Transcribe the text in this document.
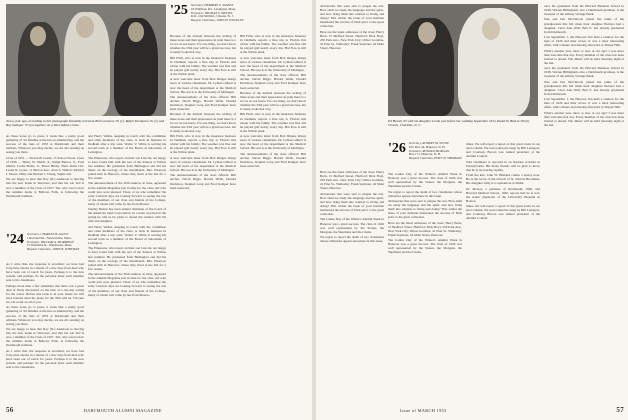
Just a year ago, according to this photograph belatedly received, Boris Lenosse '01 (c), Ralph Thompson '01 (r) and Roy Salinger '37 got together on a West Indian cruise.

As these notes go to press, it looks like a pretty good gathering of '24 families at the Inn on Alumni Day, and the success of the inns of 1953 at Dartmouth and their editions. Whatever you may decide, we are all counting on seeing you there.

Class of 1955 — Steven B. Leslie, 15 School Street. Class of 1956 — Henry W. Welch, Jr., Ralph Burton, Jr., Fred Martin, Leslie Bodle, Jr., Bruce Bixby. Theta Delta Chi: Lester R. Lyons, 11 Burton Ave.; Alan S. Walton; Richard J. Moore. Haity and Herbert J. Young, Sigma Chi.

We are happy to hear that Roy (N.) Anderson is moving into his new home in Westover, and that his son Ted is now a member of the Class of 1957. Ted, who was born in the summer home at Bellows Falls, is following the Dartmouth tradition.

'24 Secretary, CHARLES H. ALLEN
1 Ravenel Rd., Newtonville, Mass.
Treasurer, WILLIAM A. MORRISON
15 Westfield St., Winchester, Mass.
Bequest Chairman, JOHN B. WHITMAN

As I write this, the response is excellent: we have had forty-nine checks in a matter of a few days from men who have been out of touch for years. Perhaps it is the new system, and perhaps it's the personal letter each member sent to his classmates.

Perhaps more than a few remember that there was a great deal of lively discussion on the idea of a one-day outing for the wives. Before this issue is in your hands we will have learned what the plans for the 35th will be. I'm sure we can count on all of you.

As these notes go to press, it looks like a pretty good gathering of '24 families at the Inn on Alumni Day, and the success of the inns of 1953 at Dartmouth and their editions. Whatever you may decide, we are all counting on seeing you there.

We are happy to hear that Roy (N.) Anderson is moving into his new home in Westover, and that his son Ted is now a member of the Class of 1957. Ted, who was born in the summer home at Bellows Falls, is following the Dartmouth tradition.

As I write this, the response is excellent: we have had forty-nine checks in a matter of a few days from men who have been out of touch for years. Perhaps it is the new system, and perhaps it's the personal letter each member sent to his classmates.

and Harry Welles, keeping in touch with the committee and other members of the class, is back in business in Dedham after a trip west. Walter V. White is serving his second term as a member of the Board of Selectmen of Lexington.

The Emersons, who report on their son Lincoln, are happy to have found him with the rest of the Jenners at Wilton last summer. He graduated from Burlington and did his thesis on the ecology of the marshlands. Mrs. Emerson joined him in Hanover, where they lived at the Inn for a few weeks.

The announcement of the 30th reunion, in June, appeared in the Alumni Magazine just in time for the class. All who could join were pleased. Those of us who remember the early Carnival days are looking forward to seeing the rest of the members of our class and friends of the College, many of whom will come by bus from Boston.

Stanley Hazen has been named chairman of the board of the American Steel Corporation. In a letter received in the spring he told us he plans to attend the reunion with his wife and daughter.

and Harry Welles, keeping in touch with the committee and other members of the class, is back in business in Dedham after a trip west. Walter V. White is serving his second term as a member of the Board of Selectmen of Lexington.

The Emersons, who report on their son Lincoln, are happy to have found him with the rest of the Jenners at Wilton last summer. He graduated from Burlington and did his thesis on the ecology of the marshlands. Mrs. Emerson joined him in Hanover, where they lived at the Inn for a few weeks.

The announcement of the 30th reunion, in June, appeared in the Alumni Magazine just in time for the class. All who could join were pleased. Those of us who remember the early Carnival days are looking forward to seeing the rest of the members of our class and friends of the College, many of whom will come by bus from Boston.

'25 Secretary, HERBERT S. TALBOT
18 Winthrop Rd., Lexington, Mass.
Treasurer, TRUMAN T. METZEL
R.D., Old Mill Rd., Chester, N. J.
Bequest Chairman, JOHN H. WOOLLEY

Because of the turmoil between the writing of these notes and their appearance in print there is a lot we do not know. For one thing, we don't know whether the 25th year will be a grand success, but it surely looks that way.

Bill Fitch, who is now in the insurance business in Dedham, reports a fine trip to Florida this winter with his family. The weather was fine and he played golf nearly every day. Hal Foss is still at the Wilton plant.

A new welcome letter from Bob Dingee brings news of various classmates. Dr. Lyman Gilbert is now the head of the department at the Medical School. His son is at the University of Michigan.

The announcements of the class officers: Bill Archer, David Biggs, Harold Wells, Donald Davidson, Stephen Long and Fred Kemper have been reelected.

Because of the turmoil between the writing of these notes and their appearance in print there is a lot we do not know. For one thing, we don't know whether the 25th year will be a grand success, but it surely looks that way.

Bill Fitch, who is now in the insurance business in Dedham, reports a fine trip to Florida this winter with his family. The weather was fine and he played golf nearly every day. Hal Foss is still at the Wilton plant.

A new welcome letter from Bob Dingee brings news of various classmates. Dr. Lyman Gilbert is now the head of the department at the Medical School. His son is at the University of Michigan.

The announcements of the class officers: Bill Archer, David Biggs, Harold Wells, Donald Davidson, Stephen Long and Fred Kemper have been reelected.

Bill Fitch, who is now in the insurance business in Dedham, reports a fine trip to Florida this winter with his family. The weather was fine and he played golf nearly every day. Hal Foss is still at the Wilton plant.

A new welcome letter from Bob Dingee brings news of various classmates. Dr. Lyman Gilbert is now the head of the department at the Medical School. His son is at the University of Michigan.

The announcements of the class officers: Bill Archer, David Biggs, Harold Wells, Donald Davidson, Stephen Long and Fred Kemper have been reelected.

Because of the turmoil between the writing of these notes and their appearance in print there is a lot we do not know. For one thing, we don't know whether the 25th year will be a grand success, but it surely looks that way.

Bill Fitch, who is now in the insurance business in Dedham, reports a fine trip to Florida this winter with his family. The weather was fine and he played golf nearly every day. Hal Foss is still at the Wilton plant.

A new welcome letter from Bob Dingee brings news of various classmates. Dr. Lyman Gilbert is now the head of the department at the Medical School. His son is at the University of Michigan.

The announcements of the class officers: Bill Archer, David Biggs, Harold Wells, Donald Davidson, Stephen Long and Fred Kemper have been reelected.

56	DARTMOUTH ALUMNI MAGAZINE

dictionaries that were sent to plague the rest. How shall we study the language and the spirit, and how bring them into relation to living and doing? This winter the issue of your institute mentioned the success of Dick prior to the great collection.

Here are the latest addresses of the class: Harry Beck, 15 Bedford Street, Hartford; Dick Hoyt, 250 Park Ave., New York City; Oliver Gorsline, 41 Pine St., Wellesley; Frank Seymour, 42 Main Street, Hanover.

Ed Hewitt '25 with his daughter Leslie just before her wedding September 18 to David W. Bird at Trinity Church, Charlotte, N. C.
'26 Secretary, ROBERT M. STONE
P.O. Box 44, Hanover, N. H.
Treasurer, RONALD MORGAN
Box 171, Hanover, N. H.
Bequest Chairman, HOYT W. SHERMAN

Here are the latest addresses of the class: Harry Beck, 15 Bedford Street, Hartford; Dick Hoyt, 250 Park Ave., New York City; Oliver Gorsline, 41 Pine St., Wellesley; Frank Seymour, 42 Main Street, Hanover.

dictionaries that were sent to plague the rest. How shall we study the language and the spirit, and how bring them into relation to living and doing? This winter the issue of your institute mentioned the success of Dick prior to the great collection.

The Ladies Day of the Winter's Alumni Week in Hanover was a great success. The class of 1926 was well represented by the Stones, the Morgans, the Shermans and the Clarks.

We regret to report the death of two classmates whose obituaries appear elsewhere in this issue.

The Ladies Day of the Winter's Alumni Week in Hanover was a great success. The class of 1926 was well represented by the Stones, the Morgans, the Shermans and the Clarks.

We regret to report the death of two classmates whose obituaries appear elsewhere in this issue.

dictionaries that were sent to plague the rest. How shall we study the language and the spirit, and how bring them into relation to living and doing? This winter the issue of your institute mentioned the success of Dick prior to the great collection.

Here are the latest addresses of the class: Harry Beck, 15 Bedford Street, Hartford; Dick Hoyt, 250 Park Ave., New York City; Oliver Gorsline, 41 Pine St., Wellesley; Frank Seymour, 42 Main Street, Hanover.

The Ladies Day of the Winter's Alumni Week in Hanover was a great success. The class of 1926 was well represented by the Stones, the Morgans, the Shermans and the Clarks.

times. We will report a report of that great event in our next column. We were taken the stage by Bill Lenneyer, and Courtney Brown was named president of the Alumni Council.

Tom Chambers is reported in an airplane accident in Pennsylvania. His many friends will be glad to know that he is recovering rapidly.

From the Rev. John W. Hulburd comes a newsy note. He is the rector of the Church of St. John in Brookline. His daughter Sally is a sophomore at Smith.

Dr. McGee, a graduate of Dartmouth, 1926, and Harvard Medical School, 1930, reports that he is now the senior physician of the University Hospital in Boston.

times. We will report a report of that great event in our next column. We were taken the stage by Bill Lenneyer, and Courtney Brown was named president of the Alumni Council.

once the graduated from the Harvard Business School in 1938, Warren Billingham, also a Dartmouth graduate, is the treasurer of the Albany Savings Bank.

Wes and Dot McCintock joined the ranks of the grandparents this fall when their daughter Barbara had a daughter. Carol Ann Olds: Bob E. has already graduated from Dartmouth.

Last September 1, the Hanover Inn held a reunion for the men of 1926 and their wives. It was a most interesting affair, with a dinner and dancing afterward at Thayer Hall.

What's another year, more or less, at our age? I was more than welcome that day. Every member of the class has been invited to attend. The dinner will be held Saturday night at the Inn.

once the graduated from the Harvard Business School in 1938, Warren Billingham, also a Dartmouth graduate, is the treasurer of the Albany Savings Bank.

Wes and Dot McCintock joined the ranks of the grandparents this fall when their daughter Barbara had a daughter. Carol Ann Olds: Bob E. has already graduated from Dartmouth.

Last September 1, the Hanover Inn held a reunion for the men of 1926 and their wives. It was a most interesting affair, with a dinner and dancing afterward at Thayer Hall.

What's another year, more or less, at our age? I was more than welcome that day. Every member of the class has been invited to attend. The dinner will be held Saturday night at the Inn.

Issue of MARCH 1953	57
